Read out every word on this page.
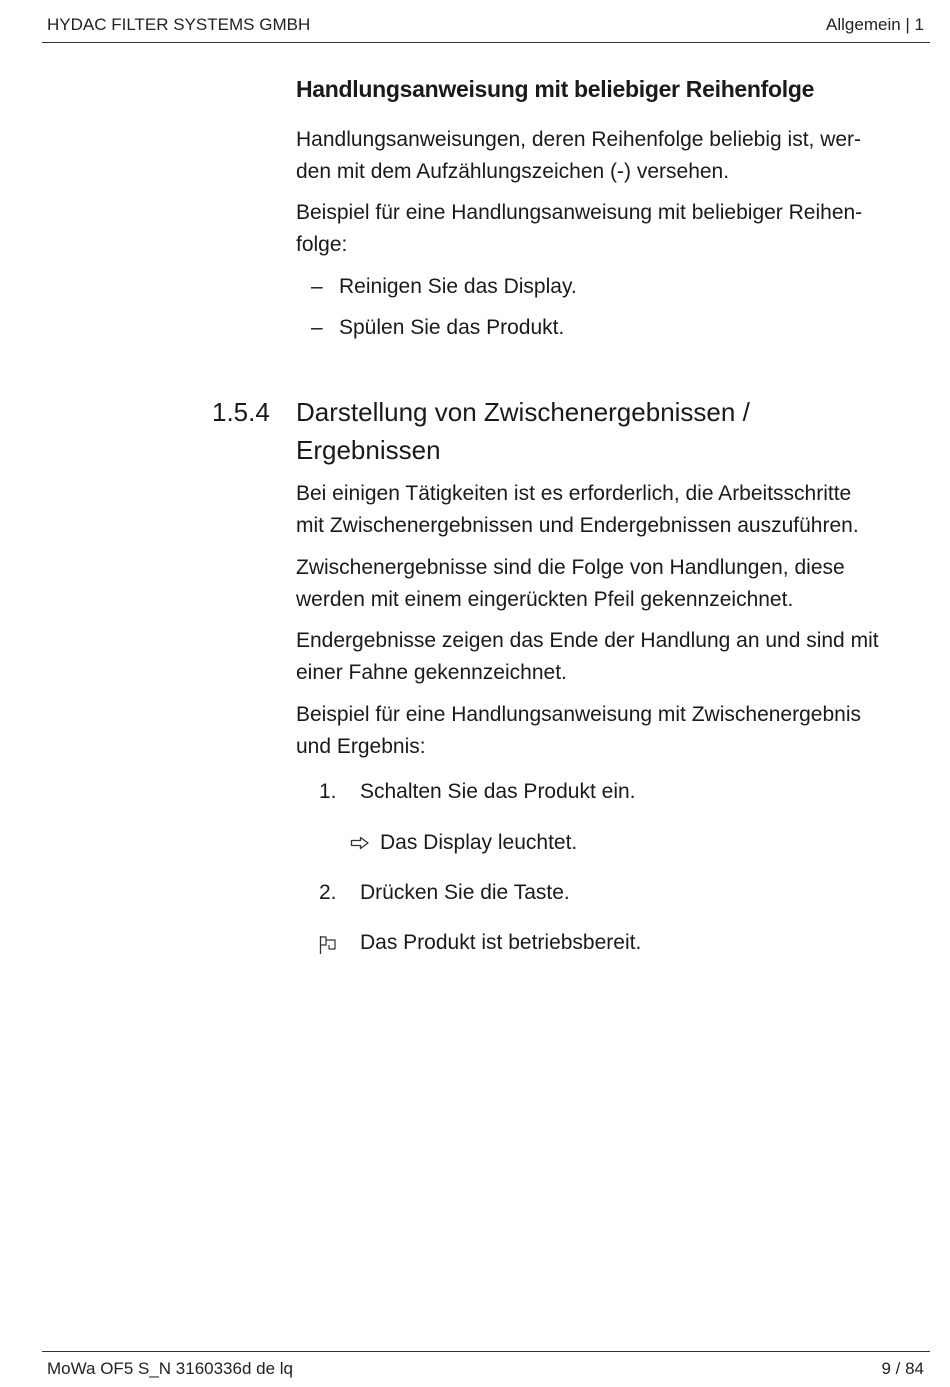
HYDAC FILTER SYSTEMS GMBH	Allgemein | 1
Handlungsanweisung mit beliebiger Reihenfolge

Handlungsanweisungen, deren Reihenfolge beliebig ist, wer-

den mit dem Aufzählungszeichen (-) versehen.

Beispiel für eine Handlungsanweisung mit beliebiger Reihen-

folge:

– Reinigen Sie das Display.
– Spülen Sie das Produkt.
1.5.4 Darstellung von Zwischenergebnissen /
Ergebnissen

Bei einigen Tätigkeiten ist es erforderlich, die Arbeitsschritte

mit Zwischenergebnissen und Endergebnissen auszuführen.

Zwischenergebnisse sind die Folge von Handlungen, diese

werden mit einem eingerückten Pfeil gekennzeichnet.

Endergebnisse zeigen das Ende der Handlung an und sind mit

einer Fahne gekennzeichnet.

Beispiel für eine Handlungsanweisung mit Zwischenergebnis

und Ergebnis:

1. Schalten Sie das Produkt ein.
Das Display leuchtet.
2. Drücken Sie die Taste.
Das Produkt ist betriebsbereit.
MoWa OF5 S_N 3160336d de lq	9 / 84
